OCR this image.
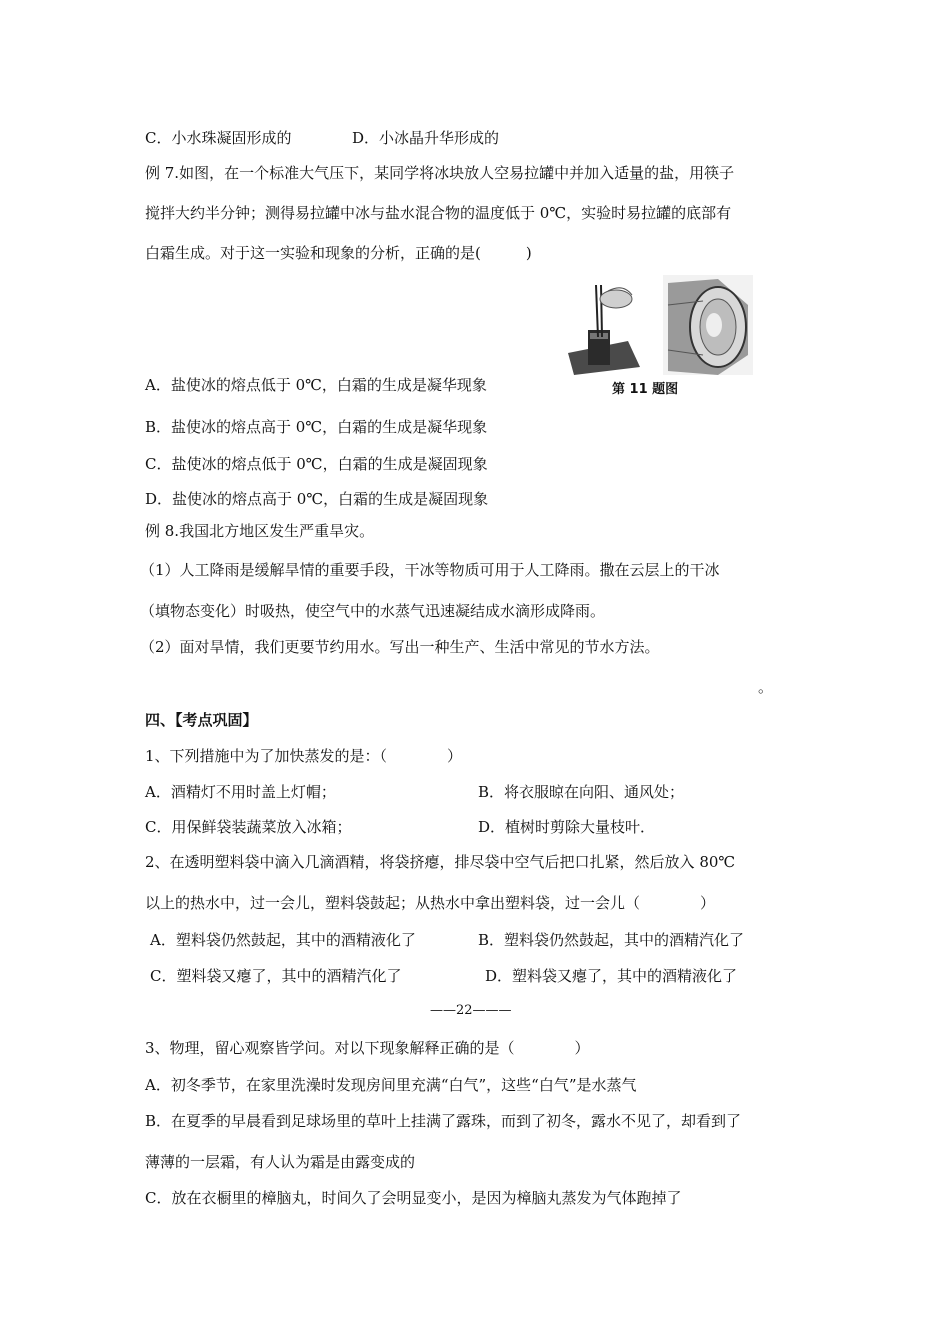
C．小水珠凝固形成的	D．小冰晶升华形成的
例 7.如图，在一个标准大气压下，某同学将冰块放人空易拉罐中并加入适量的盐，用筷子
搅拌大约半分钟；测得易拉罐中冰与盐水混合物的温度低于 0℃，实验时易拉罐的底部有
白霜生成。对于这一实验和现象的分析，正确的是(　　　)
第 11 题图
A．盐使冰的熔点低于 0℃，白霜的生成是凝华现象
B．盐使冰的熔点高于 0℃，白霜的生成是凝华现象
C．盐使冰的熔点低于 0℃，白霜的生成是凝固现象
D．盐使冰的熔点高于 0℃，白霜的生成是凝固现象
例 8.我国北方地区发生严重旱灾。
（1）人工降雨是缓解旱情的重要手段，干冰等物质可用于人工降雨。撒在云层上的干冰
（填物态变化）时吸热，使空气中的水蒸气迅速凝结成水滴形成降雨。
（2）面对旱情，我们更要节约用水。写出一种生产、生活中常见的节水方法。
。
四、【考点巩固】
1、下列措施中为了加快蒸发的是：（　　　　）
A．酒精灯不用时盖上灯帽；	B．将衣服晾在向阳、通风处；
C．用保鲜袋装蔬菜放入冰箱；	D．植树时剪除大量枝叶．
2、在透明塑料袋中滴入几滴酒精，将袋挤瘪，排尽袋中空气后把口扎紧，然后放入 80℃
以上的热水中，过一会儿，塑料袋鼓起；从热水中拿出塑料袋，过一会儿（　　　　）
A．塑料袋仍然鼓起，其中的酒精液化了	B．塑料袋仍然鼓起，其中的酒精汽化了
C．塑料袋又瘪了，其中的酒精汽化了	D．塑料袋又瘪了，其中的酒精液化了
——22———
3、物理，留心观察皆学问。对以下现象解释正确的是（　　　　）
A．初冬季节，在家里洗澡时发现房间里充满“白气”，这些“白气”是水蒸气
B．在夏季的早晨看到足球场里的草叶上挂满了露珠，而到了初冬，露水不见了，却看到了
薄薄的一层霜，有人认为霜是由露变成的
C．放在衣橱里的樟脑丸，时间久了会明显变小，是因为樟脑丸蒸发为气体跑掉了
